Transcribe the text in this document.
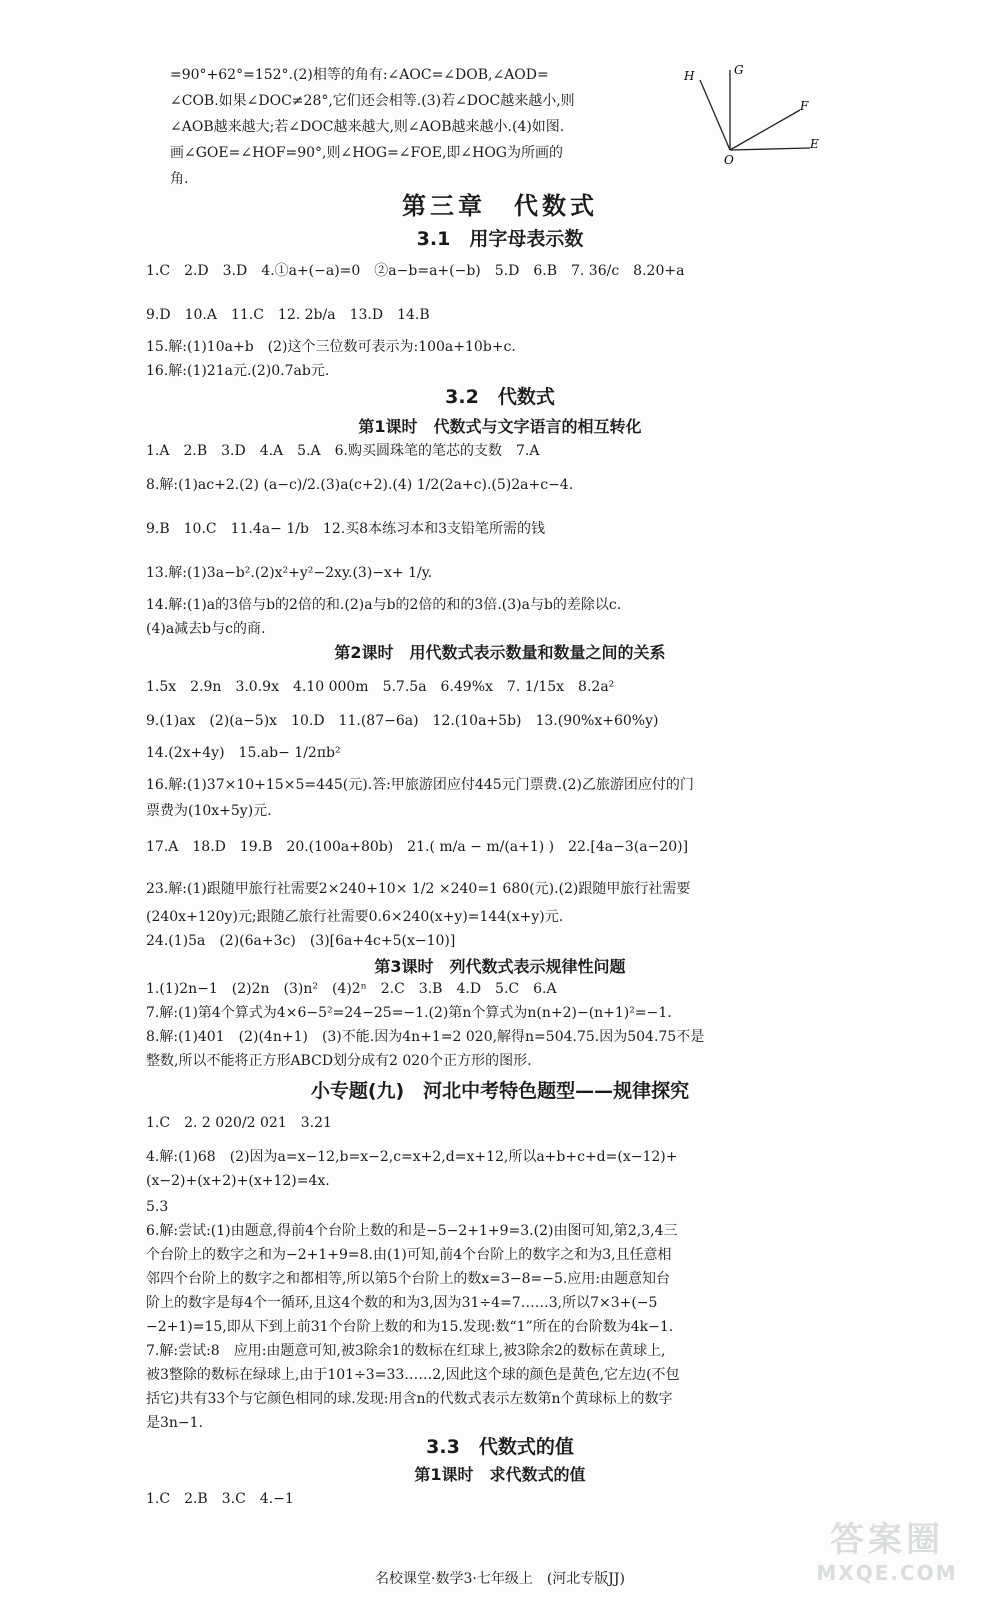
=90°+62°=152°.(2)相等的角有:∠AOC=∠DOB,∠AOD=
∠COB.如果∠DOC≠28°,它们还会相等.(3)若∠DOC越来越小,则
∠AOB越来越大;若∠DOC越来越大,则∠AOB越来越小.(4)如图.
画∠GOE=∠HOF=90°,则∠HOG=∠FOE,即∠HOG为所画的
角.
H	G
F
E
O
第三章　代数式
3.1　用字母表示数
1.C　2.D　3.D　4.①a+(−a)=0　②a−b=a+(−b)　5.D　6.B　7. 36/c　8.20+a
9.D　10.A　11.C　12. 2b/a　13.D　14.B
15.解:(1)10a+b　(2)这个三位数可表示为:100a+10b+c.
16.解:(1)21a元.(2)0.7ab元.
3.2　代数式
第1课时　代数式与文字语言的相互转化
1.A　2.B　3.D　4.A　5.A　6.购买圆珠笔的笔芯的支数　7.A
8.解:(1)ac+2.(2) (a−c)/2.(3)a(c+2).(4) 1/2(2a+c).(5)2a+c−4.
9.B　10.C　11.4a− 1/b　12.买8本练习本和3支铅笔所需的钱
13.解:(1)3a−b².(2)x²+y²−2xy.(3)−x+ 1/y.
14.解:(1)a的3倍与b的2倍的和.(2)a与b的2倍的和的3倍.(3)a与b的差除以c.
(4)a减去b与c的商.
第2课时　用代数式表示数量和数量之间的关系
1.5x　2.9n　3.0.9x　4.10 000m　5.7.5a　6.49%x　7. 1/15x　8.2a²
9.(1)ax　(2)(a−5)x　10.D　11.(87−6a)　12.(10a+5b)　13.(90%x+60%y)
14.(2x+4y)　15.ab− 1/2πb²
16.解:(1)37×10+15×5=445(元).答:甲旅游团应付445元门票费.(2)乙旅游团应付的门
票费为(10x+5y)元.
17.A　18.D　19.B　20.(100a+80b)　21.( m/a − m/(a+1) )　22.[4a−3(a−20)]
23.解:(1)跟随甲旅行社需要2×240+10× 1/2 ×240=1 680(元).(2)跟随甲旅行社需要
(240x+120y)元;跟随乙旅行社需要0.6×240(x+y)=144(x+y)元.
24.(1)5a　(2)(6a+3c)　(3)[6a+4c+5(x−10)]
第3课时　列代数式表示规律性问题
1.(1)2n−1　(2)2n　(3)n²　(4)2ⁿ　2.C　3.B　4.D　5.C　6.A
7.解:(1)第4个算式为4×6−5²=24−25=−1.(2)第n个算式为n(n+2)−(n+1)²=−1.
8.解:(1)401　(2)(4n+1)　(3)不能.因为4n+1=2 020,解得n=504.75.因为504.75不是
整数,所以不能将正方形ABCD划分成有2 020个正方形的图形.
小专题(九)　河北中考特色题型——规律探究
1.C　2. 2 020/2 021　3.21
4.解:(1)68　(2)因为a=x−12,b=x−2,c=x+2,d=x+12,所以a+b+c+d=(x−12)+
(x−2)+(x+2)+(x+12)=4x.
5.3
6.解:尝试:(1)由题意,得前4个台阶上数的和是−5−2+1+9=3.(2)由图可知,第2,3,4三
个台阶上的数字之和为−2+1+9=8.由(1)可知,前4个台阶上的数字之和为3,且任意相
邻四个台阶上的数字之和都相等,所以第5个台阶上的数x=3−8=−5.应用:由题意知台
阶上的数字是每4个一循环,且这4个数的和为3,因为31÷4=7……3,所以7×3+(−5
−2+1)=15,即从下到上前31个台阶上数的和为15.发现:数“1”所在的台阶数为4k−1.
7.解:尝试:8　应用:由题意可知,被3除余1的数标在红球上,被3除余2的数标在黄球上,
被3整除的数标在绿球上,由于101÷3=33……2,因此这个球的颜色是黄色,它左边(不包
括它)共有33个与它颜色相同的球.发现:用含n的代数式表示左数第n个黄球标上的数字
是3n−1.
3.3　代数式的值
第1课时　求代数式的值
1.C　2.B　3.C　4.−1
名校课堂·数学3·七年级上　(河北专版JJ)
答案圈
MXQE.COM
